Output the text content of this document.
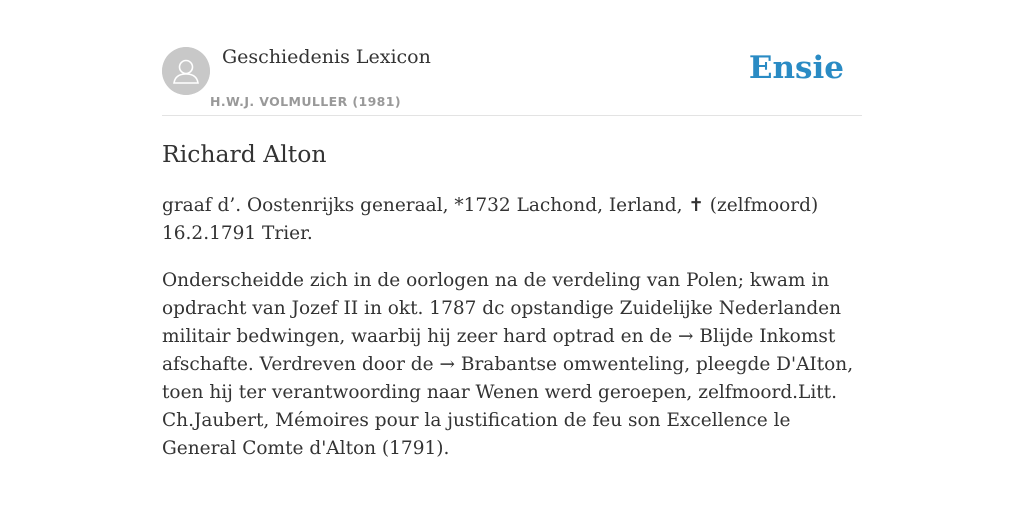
Geschiedenis Lexicon
H.W.J. VOLMULLER (1981)
Ensie
Richard Alton

graaf d’. Oostenrijks generaal, *1732 Lachond, Ierland, ✝ (zelfmoord) 16.2.1791 Trier.

Onderscheidde zich in de oorlogen na de verdeling van Polen; kwam in opdracht van Jozef II in okt. 1787 dc opstandige Zuidelijke Nederlanden militair bedwingen, waarbij hij zeer hard optrad en de → Blijde Inkomst afschafte. Verdreven door de → Brabantse omwenteling, pleegde D'AIton, toen hij ter verantwoording naar Wenen werd geroepen, zelfmoord.Litt. Ch.Jaubert, Mémoires pour la justification de feu son Excellence le General Comte d'Alton (1791).
